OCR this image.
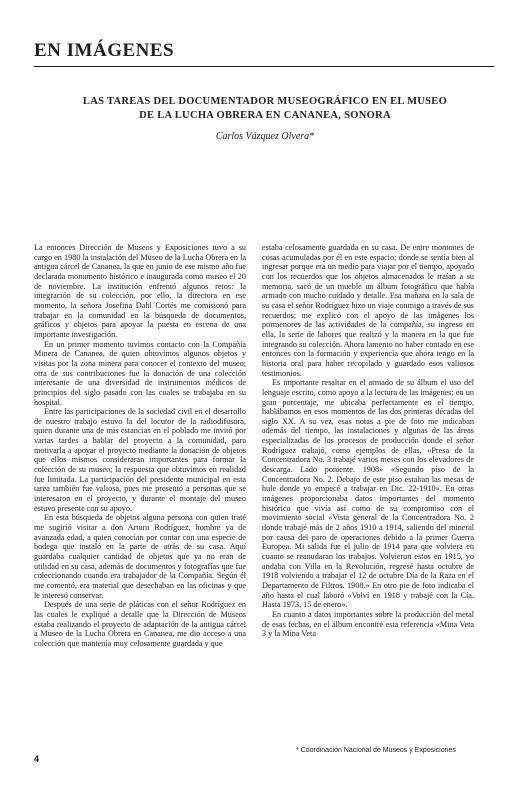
EN IMÁGENES
LAS TAREAS DEL DOCUMENTADOR MUSEOGRÁFICO EN EL MUSEO
DE LA LUCHA OBRERA EN CANANEA, SONORA
Carlos Vázquez Olvera*

La entonces Dirección de Museos y Exposiciones tuvo a su cargo en 1980 la instalación del Museo de la Lucha Obrera en la antigua cárcel de Cananea, la que en junio de ese mismo año fue declarada monumento histórico e inaugurada como museo el 20 de noviembre. La institución enfrentó algunos retos: la integración de su colección, por ello, la directora en ese momento, la señora Josefina Dahl Cortés me comisionó para trabajar en la comunidad en la búsqueda de documentos, gráficos y objetos para apoyar la puesta en escena de una importante investigación.

En un primer momento tuvimos contacto con la Compañía Minera de Cananea, de quien obtuvimos algunos objetos y visitas por la zona minera para conocer el contexto del museo; otra de sus contribuciones fue la donación de una colección interesante de una diversidad de instrumentos médicos de principios del siglo pasado con las cuales se trabajaba en su hospital.

Entre las participaciones de la sociedad civil en el desarrollo de nuestro trabajo estuvo la del locutor de la radiodifusora, quien durante una de mis estancias en el poblado me invitó por varias tardes a hablar del proyecto a la comunidad, para motivarla a apoyar el proyecto mediante la donación de objetos que ellos mismos consideraran importantes para formar la colección de su museo; la respuesta que obtuvimos en realidad fue limitada. La participación del presidente municipal en esta tarea también fue valiosa, pues me presentó a personas que se interesaron en el proyecto, y durante el montaje del museo estuvo presente con su apoyo.

En esta búsqueda de objetos alguna persona con quien traté me sugirió visitar a don Arturo Rodríguez, hombre ya de avanzada edad, a quien conocían por contar con una especie de bodega que instaló en la parte de atrás de su casa. Aquí guardaba cualquier cantidad de objetos que ya no eran de utilidad en su casa, además de documentos y fotografías que fue coleccionando cuando era trabajador de la Compañía. Según él me comentó, era material que desechaban en las oficinas y que le interesó conservar.

Después de una serie de pláticas con el señor Rodríguez en las cuales le expliqué a detalle que la Dirección de Museos estaba realizando el proyecto de adaptación de la antigua cárcel a Museo de la Lucha Obrera en Cananea, me dio acceso a una colección que mantenía muy celosamente guardada y que

estaba celosamente guardada en su casa. De entre montones de cosas acumuladas por él en este espacio; donde se sentía bien al ingresar porque era un medio para viajar por el tiempo, apoyado con los recuerdos que los objetos almacenados le traían a su memoria, sacó de un mueble un álbum fotográfico que había armado con mucho cuidado y detalle. Esa mañana en la sala de su casa el señor Rodríguez hizo un viaje conmigo a través de sus recuerdos; me explicó con el apoyo de las imágenes los pormenores de las actividades de la compañía, su ingreso en ella, la serie de labores que realizó y la manera en la que fue integrando su colección. Ahora lamento no haber contado en ese entonces con la formación y experiencia que ahora tengo en la historia oral para haber recopilado y guardado esos valiosos testimonios.

Es importante resaltar en el armado de su álbum el uso del lenguaje escrito, como apoyo a la lectura de las imágenes; en un gran porcentaje, me ubicaba perfectamente en el tiempo, hablábamos en esos momentos de las dos primeras décadas del siglo XX. A su vez, esas notas a pie de foto me indicaban además del tiempo, las instalaciones y algunas de las áreas especializadas de los procesos de producción donde el señor Rodríguez trabajó, como ejemplos de ellas, «Presa de la Concentradora No. 3 trabajé varios meses con los elevadores de descarga. Lado poniente. 1908» «Segundo piso de la Concentradora No. 2. Debajo de este piso estaban las mesas de hule donde yo empecé a trabajar en Dic. 22-1910». En otras imágenes proporcionaba datos importantes del momento histórico que vivía así como de su compromiso con el movimiento social «Vista general de la Concentradora No. 2 donde trabajé más de 2 años 1910 a 1914, saliendo del mineral por causa del paro de operaciones debido a la primer Guerra Europea. Mi salida fue el julio de 1914 para que volviera en cuanto se reanudaran los trabajos. Volvieron estos en 1915, yo andaba con Villa en la Revolución, regresé hasta octubre de 1918 volviendo a trabajar el 12 de octubre Día de la Raza en el Departamento de Filtros. 1908.» En otro pie de foto indicaba el año hasta el cual laboró «Volví en 1918 y trabajé con la Cía. Hasta 1973, 15 de enero».

En cuanto a datos importantes sobre la producción del metal de esas fechas, en el álbum encontré esta referencia «Mina Veta 3 y la Mina Veta

4
* Coordinación Nacional de Museos y Exposiciones
